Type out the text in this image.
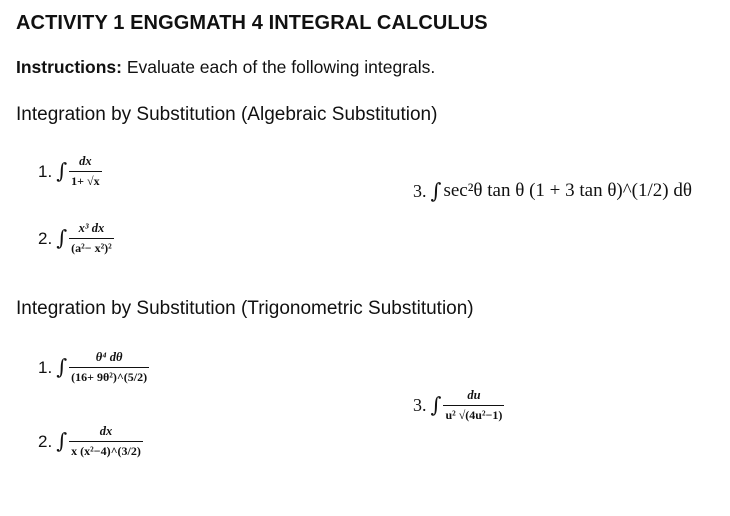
ACTIVITY 1 ENGGMATH 4 INTEGRAL CALCULUS
Instructions: Evaluate each of the following integrals.
Integration by Substitution (Algebraic Substitution)
1. ∫ $\frac{dx}{1+ √x}$
2. ∫ $\frac{\text{x³ dx}}{\text{(a²− x²)²}}$
3. ∫ sec²θ tan θ (1 + 3 tan θ)^(1/2) dθ
Integration by Substitution (Trigonometric Substitution)
1. ∫ $\frac{\text{θ⁴ dθ}}{\text{(16+ 9θ²)\textasciicircum{}(5/2)}}$
2. ∫ $\frac{dx}{\text{x (x²−4)\textasciicircum{}(3/2)}}$
3. ∫ $\frac{du}{\text{u² √(4u²−1)}}$
